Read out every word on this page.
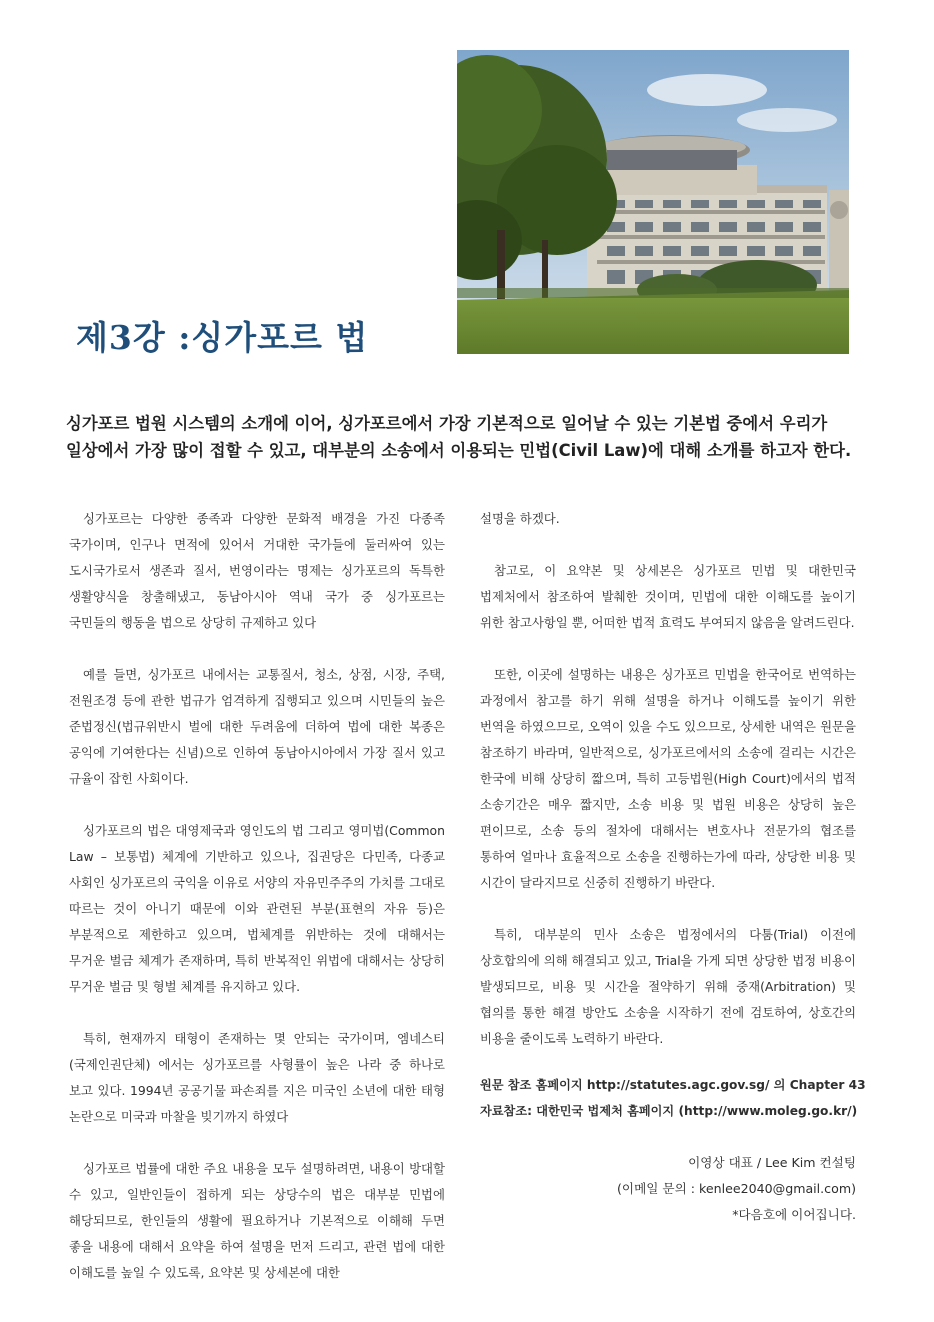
제3강 :싱가포르 법

싱가포르 법원 시스템의 소개에 이어, 싱가포르에서 가장 기본적으로 일어날 수 있는 기본법 중에서 우리가 일상에서 가장 많이 접할 수 있고, 대부분의 소송에서 이용되는 민법(Civil Law)에 대해 소개를 하고자 한다.

싱가포르는 다양한 종족과 다양한 문화적 배경을 가진 다종족 국가이며, 인구나 면적에 있어서 거대한 국가들에 둘러싸여 있는 도시국가로서 생존과 질서, 번영이라는 명제는 싱가포르의 독특한 생활양식을 창출해냈고, 동남아시아 역내 국가 중 싱가포르는 국민들의 행동을 법으로 상당히 규제하고 있다

예를 들면, 싱가포르 내에서는 교통질서, 청소, 상점, 시장, 주택, 전원조경 등에 관한 법규가 엄격하게 집행되고 있으며 시민들의 높은 준법정신(법규위반시 벌에 대한 두려움에 더하여 법에 대한 복종은 공익에 기여한다는 신념)으로 인하여 동남아시아에서 가장 질서 있고 규율이 잡힌 사회이다.

싱가포르의 법은 대영제국과 영인도의 법 그리고 영미법(Common Law – 보통법) 체계에 기반하고 있으나, 집권당은 다민족, 다종교 사회인 싱가포르의 국익을 이유로 서양의 자유민주주의 가치를 그대로 따르는 것이 아니기 때문에 이와 관련된 부분(표현의 자유 등)은 부분적으로 제한하고 있으며, 법체계를 위반하는 것에 대해서는 무거운 벌금 체계가 존재하며, 특히 반복적인 위법에 대해서는 상당히 무거운 벌금 및 형벌 체계를 유지하고 있다.

특히, 현재까지 태형이 존재하는 몇 안되는 국가이며, 엠네스티(국제인권단체) 에서는 싱가포르를 사형률이 높은 나라 중 하나로 보고 있다. 1994년 공공기물 파손죄를 지은 미국인 소년에 대한 태형 논란으로 미국과 마찰을 빚기까지 하였다

싱가포르 법률에 대한 주요 내용을 모두 설명하려면, 내용이 방대할 수 있고, 일반인들이 접하게 되는 상당수의 법은 대부분 민법에 해당되므로, 한인들의 생활에 필요하거나 기본적으로 이해해 두면 좋을 내용에 대해서 요약을 하여 설명을 먼저 드리고, 관련 법에 대한 이해도를 높일 수 있도록, 요약본 및 상세본에 대한

설명을 하겠다.

참고로, 이 요약본 및 상세본은 싱가포르 민법 및 대한민국 법제처에서 참조하여 발췌한 것이며, 민법에 대한 이해도를 높이기 위한 참고사항일 뿐, 어떠한 법적 효력도 부여되지 않음을 알려드린다.

또한, 이곳에 설명하는 내용은 싱가포르 민법을 한국어로 번역하는 과정에서 참고를 하기 위해 설명을 하거나 이해도를 높이기 위한 번역을 하였으므로, 오역이 있을 수도 있으므로, 상세한 내역은 원문을 참조하기 바라며, 일반적으로, 싱가포르에서의 소송에 걸리는 시간은 한국에 비해 상당히 짧으며, 특히 고등법원(High Court)에서의 법적 소송기간은 매우 짧지만, 소송 비용 및 법원 비용은 상당히 높은 편이므로, 소송 등의 절차에 대해서는 변호사나 전문가의 협조를 통하여 얼마나 효율적으로 소송을 진행하는가에 따라, 상당한 비용 및 시간이 달라지므로 신중히 진행하기 바란다.

특히, 대부분의 민사 소송은 법정에서의 다툼(Trial) 이전에 상호합의에 의해 해결되고 있고, Trial을 가게 되면 상당한 법정 비용이 발생되므로, 비용 및 시간을 절약하기 위해 중재(Arbitration) 및 협의를 통한 해결 방안도 소송을 시작하기 전에 검토하여, 상호간의 비용을 줄이도록 노력하기 바란다.

원문 참조 홈페이지 http://statutes.agc.gov.sg/ 의 Chapter 43
자료참조: 대한민국 법제처 홈페이지 (http://www.moleg.go.kr/)
이영상 대표 / Lee Kim 컨설팅
(이메일 문의 : kenlee2040@gmail.com)
*다음호에 이어집니다.
